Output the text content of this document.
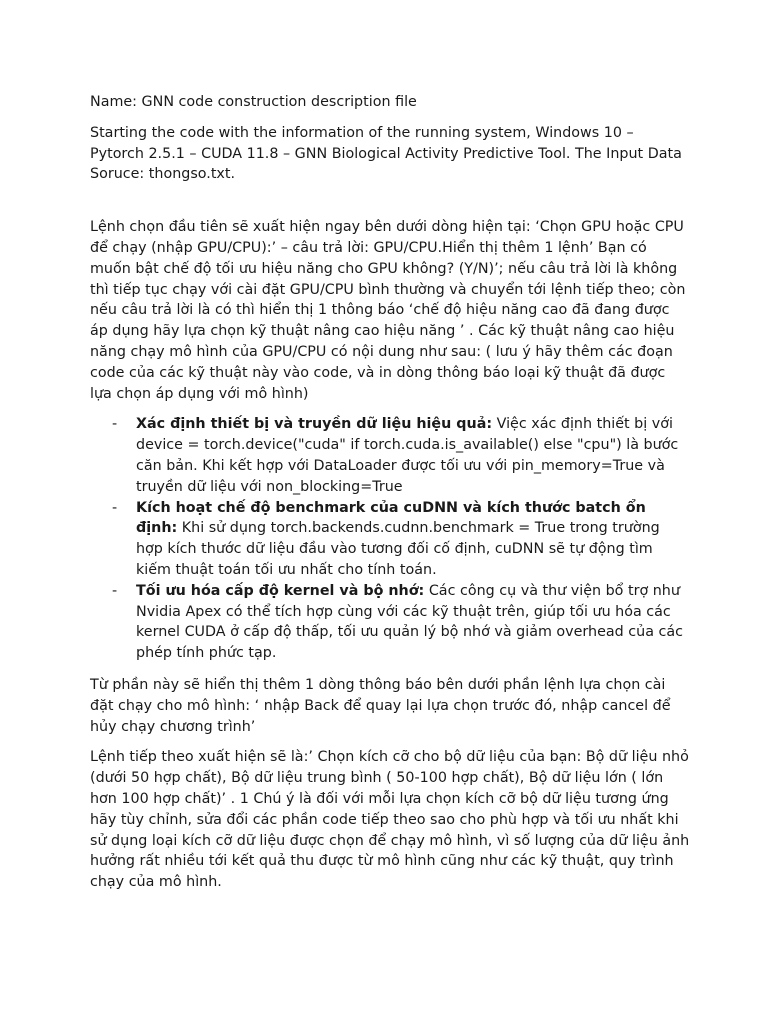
Name: GNN code construction description file

Starting the code with the information of the running system, Windows 10 – Pytorch 2.5.1 – CUDA 11.8 – GNN Biological Activity Predictive Tool. The Input Data Soruce: thongso.txt.

Lệnh chọn đầu tiên sẽ xuất hiện ngay bên dưới dòng hiện tại: ‘Chọn GPU hoặc CPU để chạy (nhập GPU/CPU):’ – câu trả lời: GPU/CPU.Hiển thị thêm 1 lệnh’ Bạn có muốn bật chế độ tối ưu hiệu năng cho GPU không? (Y/N)’; nếu câu trả lời là không thì tiếp tục chạy với cài đặt GPU/CPU bình thường và chuyển tới lệnh tiếp theo; còn nếu câu trả lời là có thì hiển thị 1 thông báo ‘chế độ hiệu năng cao đã đang được áp dụng hãy lựa chọn kỹ thuật nâng cao hiệu năng ’ . Các kỹ thuật nâng cao hiệu năng chạy mô hình của GPU/CPU có nội dung như sau: ( lưu ý hãy thêm các đoạn code của các kỹ thuật này vào code, và in dòng thông báo loại kỹ thuật đã được lựa chọn áp dụng với mô hình)

- Xác định thiết bị và truyền dữ liệu hiệu quả: Việc xác định thiết bị với device = torch.device("cuda" if torch.cuda.is_available() else "cpu") là bước căn bản. Khi kết hợp với DataLoader được tối ưu với pin_memory=True và truyền dữ liệu với non_blocking=True
- Kích hoạt chế độ benchmark của cuDNN và kích thước batch ổn định: Khi sử dụng torch.backends.cudnn.benchmark = True trong trường hợp kích thước dữ liệu đầu vào tương đối cố định, cuDNN sẽ tự động tìm kiếm thuật toán tối ưu nhất cho tính toán.
- Tối ưu hóa cấp độ kernel và bộ nhớ: Các công cụ và thư viện bổ trợ như Nvidia Apex có thể tích hợp cùng với các kỹ thuật trên, giúp tối ưu hóa các kernel CUDA ở cấp độ thấp, tối ưu quản lý bộ nhớ và giảm overhead của các phép tính phức tạp.

Từ phần này sẽ hiển thị thêm 1 dòng thông báo bên dưới phần lệnh lựa chọn cài đặt chạy cho mô hình: ‘ nhập Back để quay lại lựa chọn trước đó, nhập cancel để hủy chạy chương trình’

Lệnh tiếp theo xuất hiện sẽ là:’ Chọn kích cỡ cho bộ dữ liệu của bạn: Bộ dữ liệu nhỏ (dưới 50 hợp chất), Bộ dữ liệu trung bình ( 50-100 hợp chất), Bộ dữ liệu lớn ( lớn hơn 100 hợp chất)’ . 1 Chú ý là đối với mỗi lựa chọn kích cỡ bộ dữ liệu tương ứng hãy tùy chỉnh, sửa đổi các phần code tiếp theo sao cho phù hợp và tối ưu nhất khi sử dụng loại kích cỡ dữ liệu được chọn để chạy mô hình, vì số lượng của dữ liệu ảnh hưởng rất nhiều tới kết quả thu được từ mô hình cũng như các kỹ thuật, quy trình chạy của mô hình.
